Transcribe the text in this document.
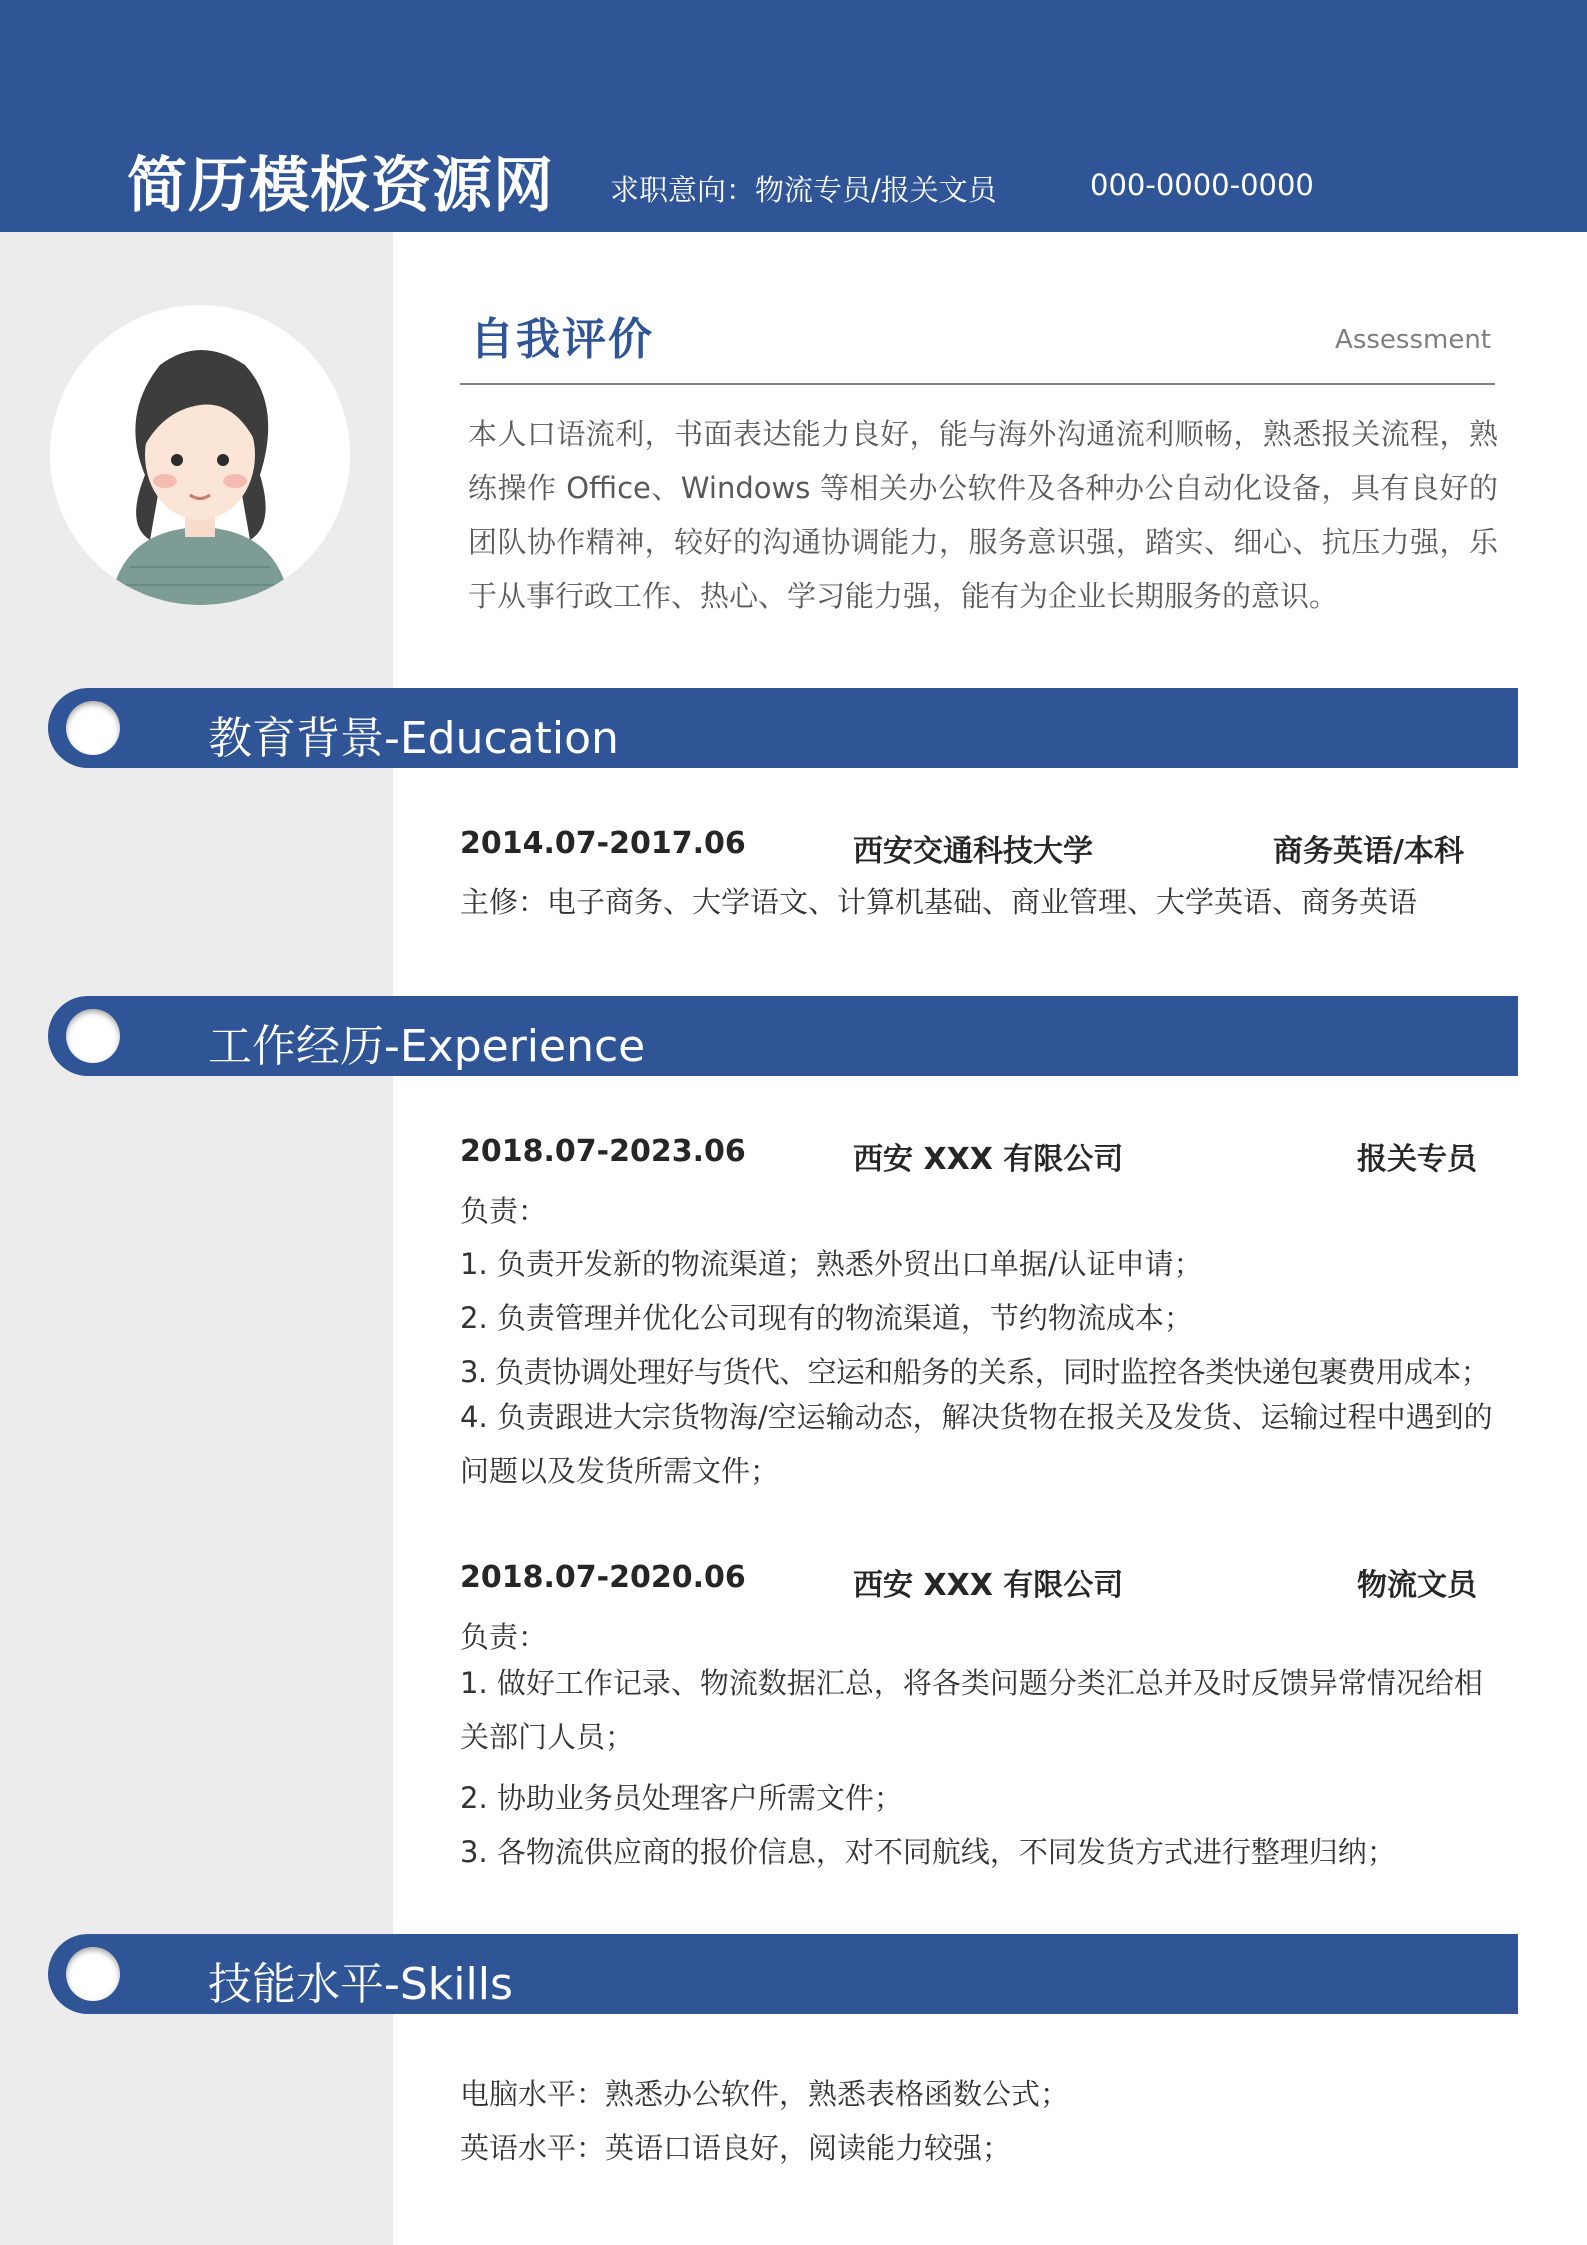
简历模板资源网 求职意向：物流专员/报关文员	000-0000-0000
自我评价	Assessment

本人口语流利，书面表达能力良好，能与海外沟通流利顺畅，熟悉报关流程，熟练操作 Office、Windows 等相关办公软件及各种办公自动化设备，具有良好的团队协作精神，较好的沟通协调能力，服务意识强，踏实、细心、抗压力强，乐于从事行政工作、热心、学习能力强，能有为企业长期服务的意识。

教育背景-Education
2014.07-2017.06	西安交通科技大学	商务英语/本科
主修：电子商务、大学语文、计算机基础、商业管理、大学英语、商务英语
工作经历-Experience
2018.07-2023.06	西安 XXX 有限公司	报关专员
负责：
1. 负责开发新的物流渠道；熟悉外贸出口单据/认证申请；
2. 负责管理并优化公司现有的物流渠道，节约物流成本；
3. 负责协调处理好与货代、空运和船务的关系，同时监控各类快递包裹费用成本；

4. 负责跟进大宗货物海/空运输动态，解决货物在报关及发货、运输过程中遇到的问题以及发货所需文件；

2018.07-2020.06	西安 XXX 有限公司	物流文员
负责：

1. 做好工作记录、物流数据汇总，将各类问题分类汇总并及时反馈异常情况给相关部门人员；

2. 协助业务员处理客户所需文件；
3. 各物流供应商的报价信息，对不同航线，不同发货方式进行整理归纳；
技能水平-Skills
电脑水平：熟悉办公软件，熟悉表格函数公式；
英语水平：英语口语良好，阅读能力较强；
